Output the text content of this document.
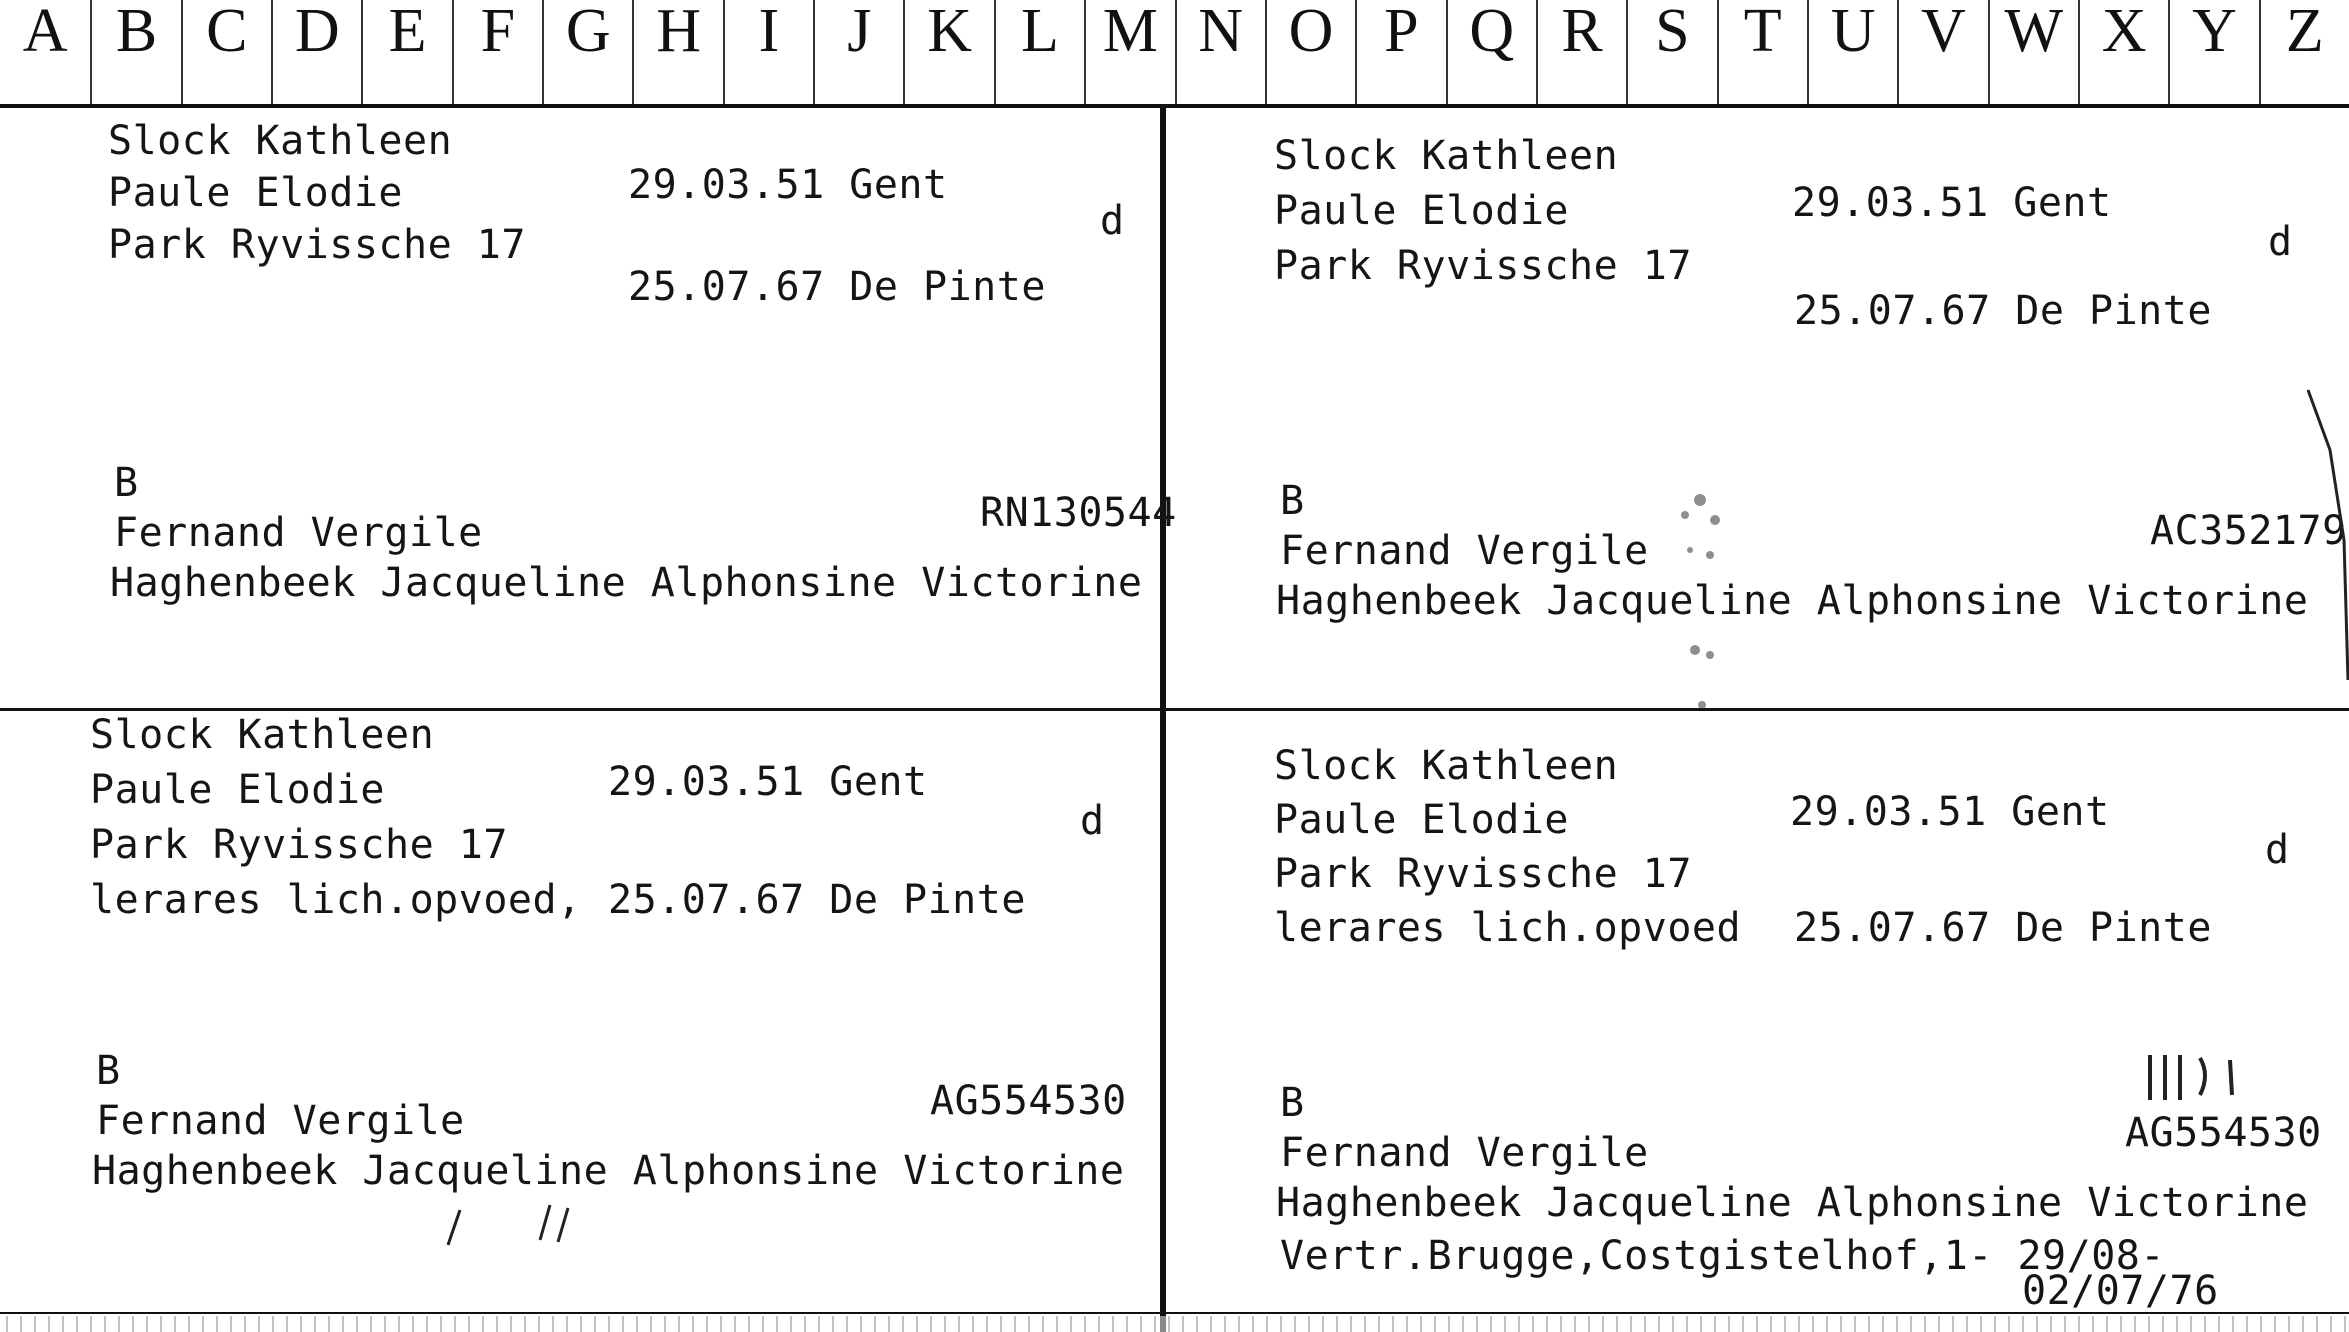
A B C D E F G H I	J K L M N O P Q R S T U V W X Y Z
Slock Kathleen
Paule Elodie	29.03.51 Gent
Park Ryvissche 17
d
25.07.67 De Pinte
B
Fernand Vergile	RN130544
Haghenbeek Jacqueline Alphonsine Victorine
Slock Kathleen
Paule Elodie	29.03.51 Gent
Park Ryvissche 17
d
25.07.67 De Pinte
B
Fernand Vergile	AC352179
Haghenbeek Jacqueline Alphonsine Victorine
Slock Kathleen
Paule Elodie	29.03.51 Gent
Park Ryvissche 17
d
lerares lich.opvoed, 25.07.67 De Pinte
B
Fernand Vergile	AG554530
Haghenbeek Jacqueline Alphonsine Victorine
Slock Kathleen
Paule Elodie	29.03.51 Gent
Park Ryvissche 17
d
lerares lich.opvoed 25.07.67 De Pinte
B
Fernand Vergile	AG554530
Haghenbeek Jacqueline Alphonsine Victorine
Vertr.Brugge,Costgistelhof,1- 29/08-
02/07/76
